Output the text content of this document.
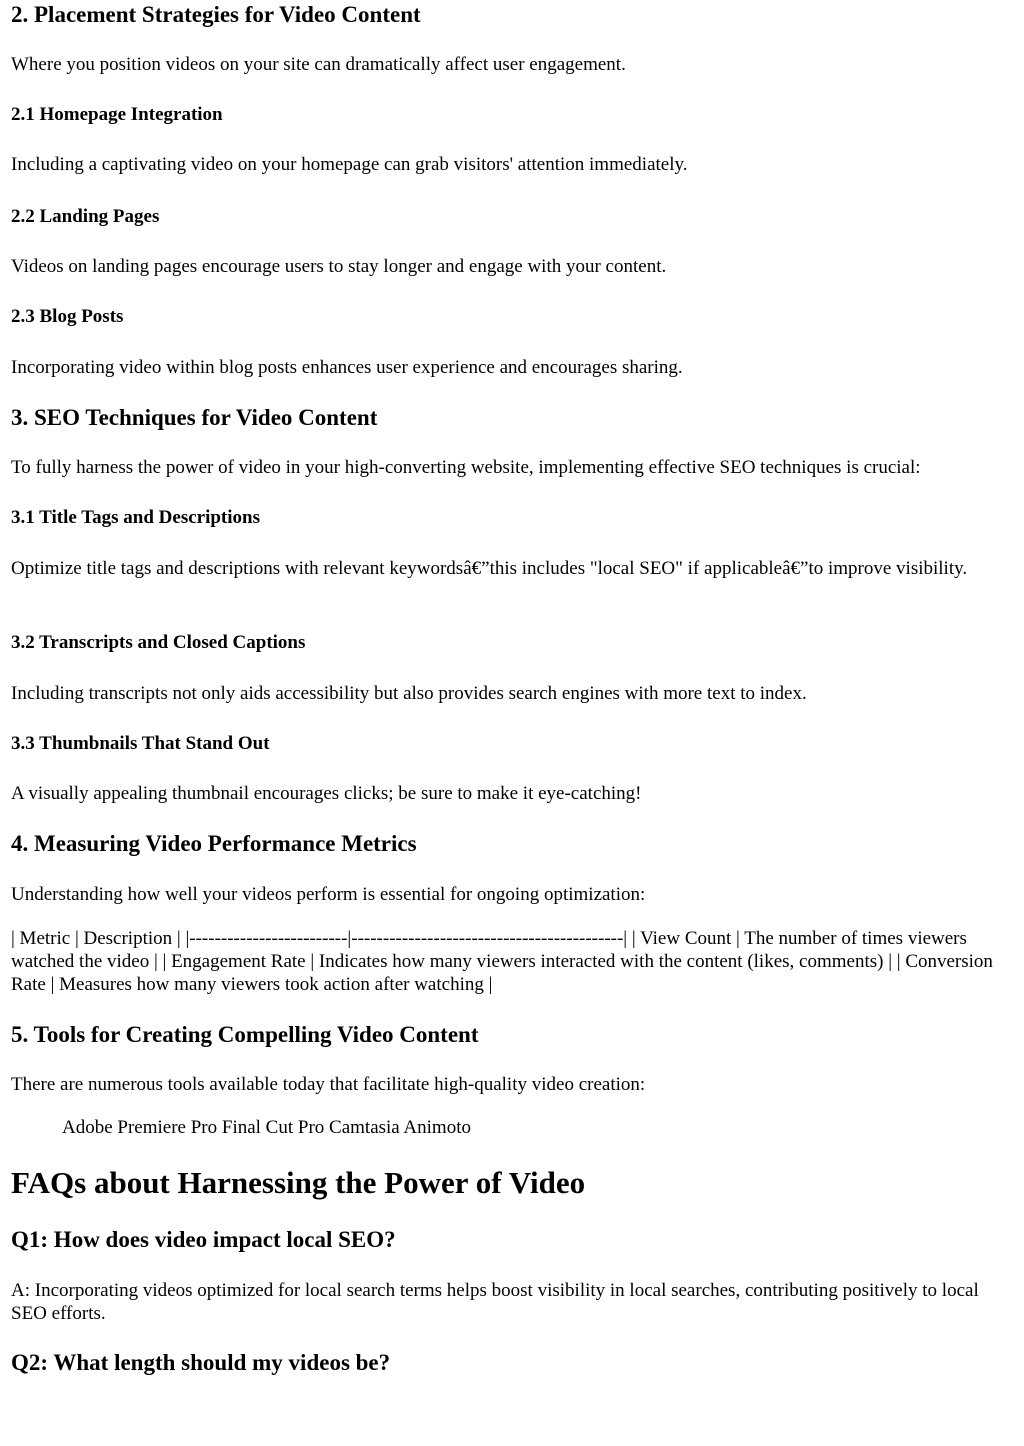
2. Placement Strategies for Video Content

Where you position videos on your site can dramatically affect user engagement.

2.1 Homepage Integration

Including a captivating video on your homepage can grab visitors' attention immediately.

2.2 Landing Pages

Videos on landing pages encourage users to stay longer and engage with your content.

2.3 Blog Posts

Incorporating video within blog posts enhances user experience and encourages sharing.

3. SEO Techniques for Video Content

To fully harness the power of video in your high-converting website, implementing effective SEO techniques is crucial:

3.1 Title Tags and Descriptions

Optimize title tags and descriptions with relevant keywordsâ€”this includes "local SEO" if applicableâ€”to improve visibility.

3.2 Transcripts and Closed Captions

Including transcripts not only aids accessibility but also provides search engines with more text to index.

3.3 Thumbnails That Stand Out

A visually appealing thumbnail encourages clicks; be sure to make it eye-catching!

4. Measuring Video Performance Metrics

Understanding how well your videos perform is essential for ongoing optimization:

| Metric | Description | |-------------------------|-------------------------------------------| | View Count | The number of times viewers watched the video | | Engagement Rate | Indicates how many viewers interacted with the content (likes, comments) | | Conversion Rate | Measures how many viewers took action after watching |

5. Tools for Creating Compelling Video Content

There are numerous tools available today that facilitate high-quality video creation:

Adobe Premiere Pro Final Cut Pro Camtasia Animoto

FAQs about Harnessing the Power of Video
Q1: How does video impact local SEO?

A: Incorporating videos optimized for local search terms helps boost visibility in local searches, contributing positively to local SEO efforts.

Q2: What length should my videos be?
